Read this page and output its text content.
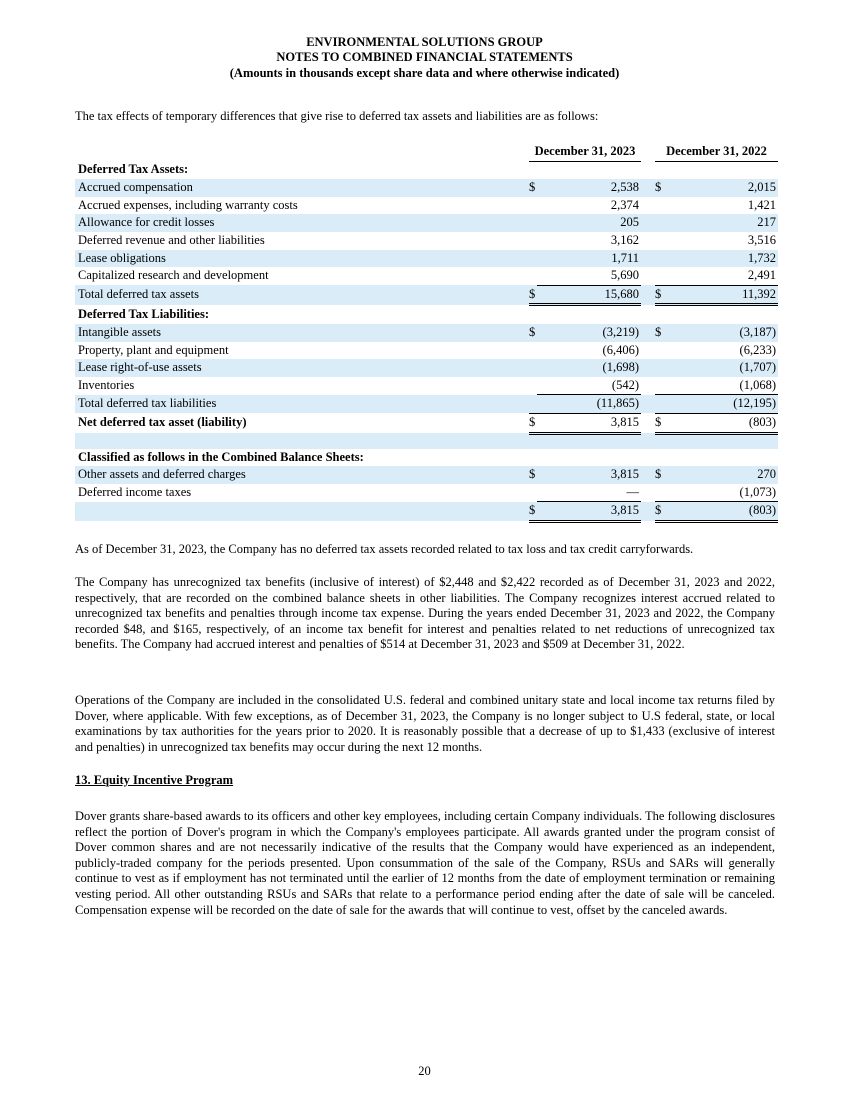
ENVIRONMENTAL SOLUTIONS GROUP
NOTES TO COMBINED FINANCIAL STATEMENTS
(Amounts in thousands except share data and where otherwise indicated)
The tax effects of temporary differences that give rise to deferred tax assets and liabilities are as follows:
	December 31, 2023			December 31, 2022	
Deferred Tax Assets:					
Accrued compensation	$	2,538		$	2,015
Accrued expenses, including warranty costs		2,374			1,421
Allowance for credit losses		205			217
Deferred revenue and other liabilities		3,162			3,516
Lease obligations		1,711			1,732
Capitalized research and development		5,690			2,491
Total deferred tax assets	$	15,680		$	11,392
Deferred Tax Liabilities:					
Intangible assets	$	(3,219)		$	(3,187)
Property, plant and equipment		(6,406)			(6,233)
Lease right-of-use assets		(1,698)			(1,707)
Inventories		(542)			(1,068)
Total deferred tax liabilities		(11,865)			(12,195)
Net deferred tax asset (liability)	$	3,815		$	(803)

Classified as follows in the Combined Balance Sheets:					
Other assets and deferred charges	$	3,815		$	270
Deferred income taxes		—			(1,073)
	$	3,815		$	(803)
As of December 31, 2023, the Company has no deferred tax assets recorded related to tax loss and tax credit carryforwards.
The Company has unrecognized tax benefits (inclusive of interest) of $2,448 and $2,422 recorded as of December 31, 2023 and 2022, respectively, that are recorded on the combined balance sheets in other liabilities. The Company recognizes interest accrued related to unrecognized tax benefits and penalties through income tax expense. During the years ended December 31, 2023 and 2022, the Company recorded $48, and $165, respectively, of an income tax benefit for interest and penalties related to net reductions of unrecognized tax benefits. The Company had accrued interest and penalties of $514 at December 31, 2023 and $509 at December 31, 2022.
Operations of the Company are included in the consolidated U.S. federal and combined unitary state and local income tax returns filed by Dover, where applicable. With few exceptions, as of December 31, 2023, the Company is no longer subject to U.S federal, state, or local examinations by tax authorities for the years prior to 2020. It is reasonably possible that a decrease of up to $1,433 (exclusive of interest and penalties) in unrecognized tax benefits may occur during the next 12 months.
13. Equity Incentive Program
Dover grants share-based awards to its officers and other key employees, including certain Company individuals. The following disclosures reflect the portion of Dover's program in which the Company's employees participate. All awards granted under the program consist of Dover common shares and are not necessarily indicative of the results that the Company would have experienced as an independent, publicly-traded company for the periods presented. Upon consummation of the sale of the Company, RSUs and SARs will generally continue to vest as if employment has not terminated until the earlier of 12 months from the date of employment termination or remaining vesting period. All other outstanding RSUs and SARs that relate to a performance period ending after the date of sale will be canceled. Compensation expense will be recorded on the date of sale for the awards that will continue to vest, offset by the canceled awards.
20
